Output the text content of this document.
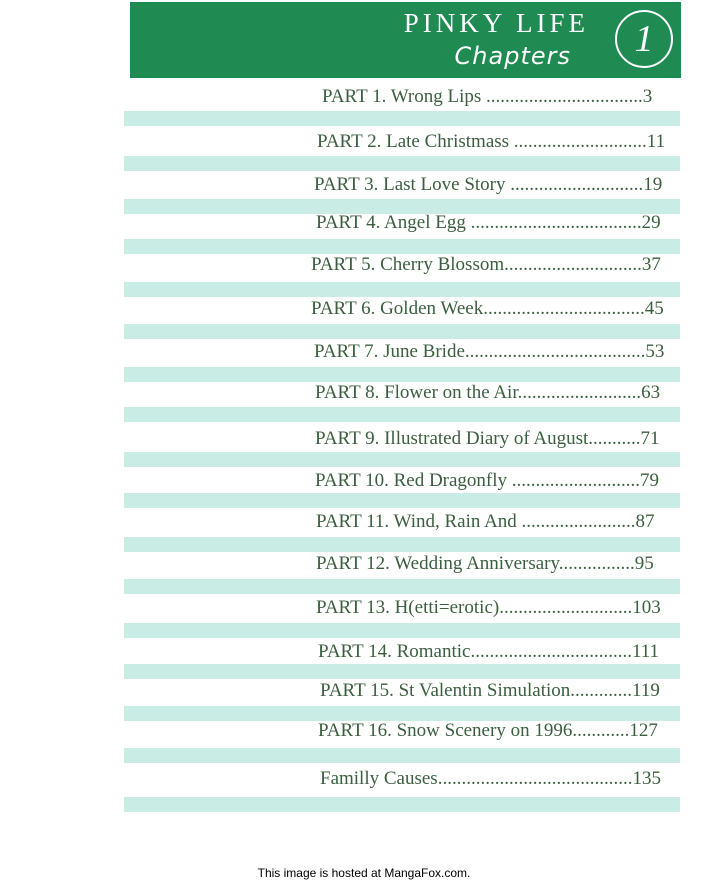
PINKY LIFE
Chapters	1
PART 1. Wrong Lips .................................3
PART 2. Late Christmass ............................11
PART 3. Last Love Story ............................19
PART 4. Angel Egg ....................................29
PART 5. Cherry Blossom.............................37
PART 6. Golden Week..................................45
PART 7. June Bride......................................53
PART 8. Flower on the Air..........................63
PART 9. Illustrated Diary of August...........71
PART 10. Red Dragonfly ...........................79
PART 11. Wind, Rain And ........................87
PART 12. Wedding Anniversary................95
PART 13. H(etti=erotic)............................103
PART 14. Romantic..................................111
PART 15. St Valentin Simulation.............119
PART 16. Snow Scenery on 1996............127
Familly Causes.........................................135
This image is hosted at MangaFox.com.
